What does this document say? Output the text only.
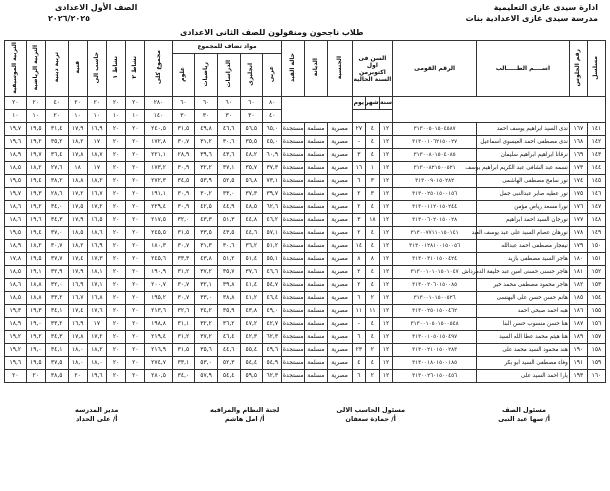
ادارة سيدى غازى التعليمية
مدرسة سيدى غازى الاعدادية بنات
الصف الأول الاعدادى
٢٠٢٦/٢٠٢٥
طلاب ناجحون ومنقولون للصف الثانى الاعدادى
مسلسل	رقم الجلوس	اســــم الطـــــالب	الرقم القومى	السن فى اول اكتوبرمن السنة الحالية			الجنسية	الديانة	حالة القيد	مواد تضاف للمجموع					مجموع كلى	نشاط ٢	نشاط ١	حاسب الى	فنية	تربية دينية	التربية الرياضية	التربية الموسيقية
										عربى	انجليزى	الدراسات	رياضيات	علوم								
				سنة	شهر	يوم				٨٠	٦٠	٦٠	٦٠	٦٠	٢٨٠	٢٠	٢٠	٢٠	٢٠	٤٠	٢٠	٢٠
										٤٠	٣٠	٣٠	٣٠	٣٠	١٤٠	١٠	١٠	١٠	١٠	٢٠	١٠	١٠
١٤١	١٦٧	ندى السيد ابراهيم يوسف احمد	٣١٣٠٠٥٠١٥٠٤٥٨٧	١٢	٤	٢٧	مصرية	مسلمة	مستجدة	٦٥,٠	٥٦,٥	٤٦,٦	٤٩,٨	٣١,٥	٢٤٠,٥	٢٠	٢٠	١٦,٩	١٧,٩	٣١,٤	١٩,٥	١٩,٧
١٤٢	١٦٨	ندى مصطفى احمد العيسوى اسماعيل	٣١٣٠٠١٠٦٢١٥٠٠٢٧	١٢	٤	-	مصرية	مسلمة	مستجدة	٤٥,٠	٣٥,٥	٣٠,٦	٣١,٢	٣٠,٧	١٧٢,٨	٢٠	٢٠	١٧	١٨,٢	٣٥,٢	١٩,٢	١٩,٦
١٤٣	١٦٩	نرقانا ابراهيم ابراهيم سليمان	٣١٣٠٠٨٠١٥٠٤٠٨٥	١٢	٤	٣	مصرية	مسلمة	مستجدة	٦٠,٩	٤٨,٢	٤٣,٦	٣٩,٦	٢٨,٩	٢٢١,١	٢٠	٢٠	١٨,٧	١٧,٨	٣٦,٤	١٩,٧	١٨,٩
١٤٤	١٧٣	نسمه عبد الشافى عبد الكريم ابراهيم يوسف	٣١٣٠٠٨٢١٥٠٠٥٢١	١٢	١	١٦	مصرية	مسلمة	مستجدة	٣٧,٣	٣٥,٧	٣٧,١	٣٢,٢	٣٠,٩	١٧٣,٢	٢٠	٢٠	١٧	١٨	٢٧,٦	١٨,٢	١٨,٥
١٤٥	١٧٤	نور سامح مصطفى الهاشمى	٣١٣٠٠٩٠١٥٠٢٨٢	١٢	٣	٦	مصرية	مسلمة	مستجدة	٧٣,١	٥٦,٨	٥٢,٥	٥٣,٩	٣٤,٥	٢٧٢,٣	٢٠	٢٠	١٨,٢	١٨,٨	٣٨,٢	١٩,٤	١٩,٥
١٤٦	١٧٥	نور عطيه صابر عبدالنبى جمل	٣١٣٠٠٢٥٠١٥٠٠١٥٦	١٢	٣	٢	مصرية	مسلمة	مستجدة	٣٩,٧	٣٧,٣	٣٣,٠	٣٠,٢	٣٠,٩	١٩١,١	٢٠	٢٠	١٦,٧	١٧,٢	٢٨,٦	١٩,٣	١٩,٧
١٤٧	١٧٦	نورا مسعد رياض مؤمن	٣١٣٠٠١١٢٠١٥٠٢٤٤	١٢	٤	٢	مصرية	مسلمة	مستجدة	٦٢,٦	٤٨,٥	٤٤,٩	٤٢,٥	٣٠,٩	٢٢٩,٤	٢٠	٢٠	١٧,٢	١٧,٥	٣٤,٠	١٩,٢	١٨,٦
١٤٨	١٧٧	نورجان السيد احمد ابراهيم	٣١٣٠٠٦٠٢٠١٥٠٠٢٨	١٢	١٨	٣	مصرية	مسلمة	مستجدة	٤٦,٢	٤٤,٨	٥١,٣	٤٣,٣	٣٢,٠	٢١٧,٥	٢٠	٢٠	١٦,٥	١٧,٩	٣٤,٣	١٩,٦	١٨,٦
١٤٩	١٧٨	نورهان عصام السيد على عبد يوسف العبد	٣١٣٠٠٧٧١١٠١٥٠١٤١	١٢	٤	٢	مصرية	مسلمة	مستجدة	٥٧,١	٤٤,٦	٤٣,٥	٣٣,٥	٣١,٥	٢٤٥,٥	٢٠	٢٠	١٨,٦	١٨,٥	٣٧,٠	١٩,٤	١٩,٥
١٥٠	١٧٩	نيفجار مصطفى احمد عبدالله	٣١٣٠٠١٢٨١٠٠١٥٠٠٥٦	١٢	٤	١٤	مصرية	مسلمة	مستجدة	٥١,٢	٣٦,٢	٣٠,٦	٣١,٣	٣٠,٧	١٨٠,٣	٢٠	٢٠	١٦,٩	١٨,٢	٣٠,٧	١٨,٢	١٨,٩
١٥١	١٨٠	هاجر السيد مصطفى بازيد	٣١٣٠٠٣١٠١٥٠٠٤٢٤	١٢	٨	٨	مصرية	مسلمة	مستجدة	٥٥,١	٥١,٤	٥١,٢	٤٣,٨	٣٣,٣	٢٤٥,٦	٢٠	٢٠	١٧,٣	١٧,٤	٣٧,٧	١٩,٥	١٧,٨
١٥٢	١٨١	هاجر حسنى حسنى امين عبد خليفة الدمرداش	٣١٣٠٠١٠١٠١٥٠١٠٤٧	١٢	٤	٢	مصرية	مسلمة	مستجدة	٤٦,٦	٣٧,٦	٣٥,٧	٣٧,٢	٣١,٢	١٩٠,٩	٢٠	٢٠	١٨,١	١٧,٩	٣٢,٩	١٩,١	١٨,٥
١٥٣	١٨٢	هاجر محمود مصطفى محمد خير	٣١٣٠٠٢٠٦٠١٥٠٠٨٥	١٢	٤	٢	مصرية	مسلمة	مستجدة	٥٤,٧	٤١,٤	٣٩,٨	٣٢,١	٣٠,٧	٢٠٠,٧	٢٠	٢٠	١٧,١	١٦,٩	٣٢,٠	١٨,٨	١٨,٦
١٥٤	١٨٥	هانم حسن حسن على البهنسى	٣١٣٠٠١٠١٥٠٠٥٢٦	١٢	٢	٦	مصرية	مسلمة	مستجدة	٤٦,٤	٤١,٢	٣٨,٨	٣٣,٠	٣٠,٧	١٩٥,٢	٢٠	٢٠	١٦,٨	١٦,٧	٣٣,٢	١٨,٨	١٨,٥
١٥٥	١٨٦	هبه احمد صبحى احمد	٣١٣٠٠٢٥٠١٥٠٠٤٦٢	١٢	١١	١١	مصرية	مسلمة	مستجدة	٤٩,٠	٤٣,٨	٣٥,٩	٣٤,٢	٣٢,٦	٢١٣,٦	٢٠	٢٠	١٧,٦	١٧,٤	٣٤,١	١٩,٣	١٩,٣
١٥٦	١٨٧	هنا حسن منسوب حسن البنا	٣١٣٠٠١٠٥٠١٥٠٠٥٤٨	١٢	٤	-	مصرية	مسلمة	مستجدة	٤٢,٧	٤٧,٢	٣٦,٢	٣٢,٢	٣١,١	١٩٨,٨	٢٠	٢٠	١٧	١٦,٩	٣٣,٢	١٩,٠	١٨,٩
١٥٧	١٨٩	هنا هيثم محمد عطا الله السيد	٣١٣٠٠١٠٥٠١٥٠٤٩٧	١٢	٤	٦	مصرية	مسلمة	مستجدة	٦٢,٣	٤٢,٣	٤٦,٤	٣٧,٢	٣١,٢	٢١٩,٤	٢٠	٢٠	١٧,٢	١٧,٨	٣٤,٣	١٩,٢	١٩,٢
١٥٨	١٩٠	هند محمود السيد محمد على	٣١٣٠٠٢١٠١٥٠٠٢٨٣	١٢	٢	٢٣	مصرية	مسلمة	مستجدة	٤٩,٦	٥٥,٤	٤٤,٦	٣٥,٦	٣١,٥	٢١٦,٩	٢٠	٢٠	١٨,٢	١٨,٠	٣٤,١	١٩,٠	١٩,٢
١٥٩	١٩١	وفاء مصطفى السيد ابو بكر	٣١٣٠٠١٨٠١٥٠٠١٨٥	١٢	٤	٤	مصرية	مسلمة	مستجدة	٥٤,٩	٥٤,٤	٥٢,٣	٥٣,٠	٣٣,١	٢٧٤,٧	٢٠	٢٠	١٨,٠	١٨,٠	٣٧,٥	١٩,٥	١٩,٦
١٦٠	١٩٣	يارا احمد السيد على	٣١٣٠٠٢٦٠١٥٠٠٤٥٦	١٢	٢	٦	مصرية	مسلمة	مستجدة	٦٢,٣	٥٩,٥	٥٤,٤	٥٧,٩	٣٤,٠	٢٨٠,٥	٢٠	٢٠	١٩,٦	٢٠	٣٨,٥	٢٠	٢٠
مسئول الصف
أ/ سها عبد النبى
مسئول الحاسب الالى
أ/ حمادة سعفان
لجنة النظام والمراقبه
أ/ امل هاشم
مدير المدرسه
أ/ على الحداد
